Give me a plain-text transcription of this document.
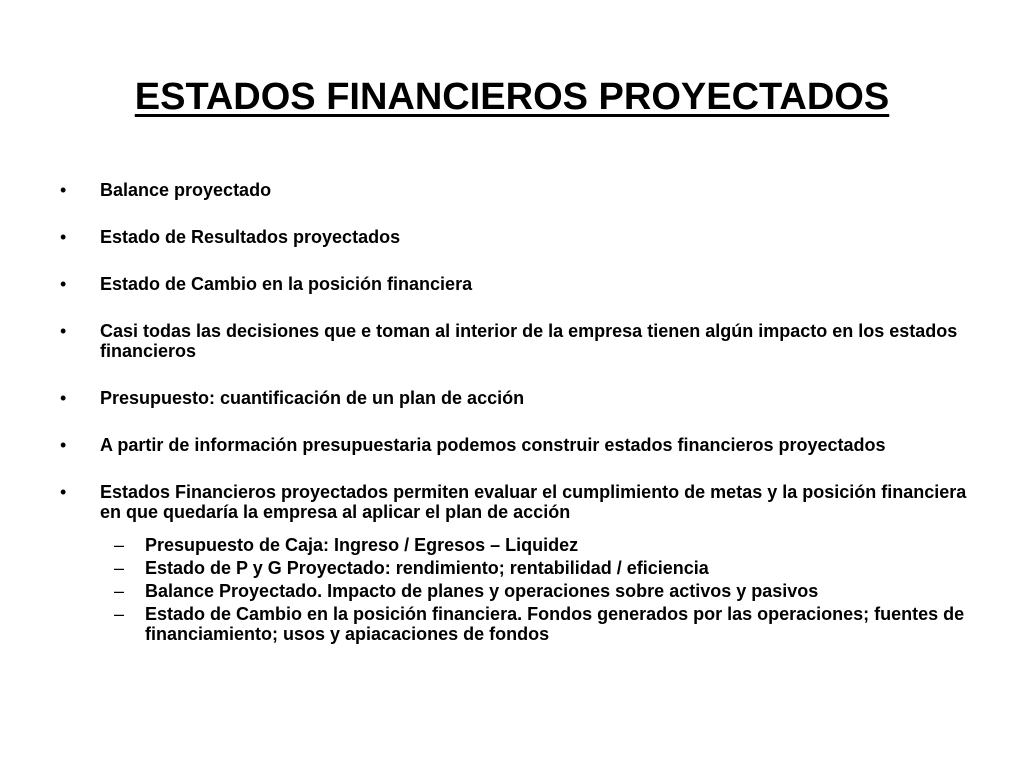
ESTADOS FINANCIEROS PROYECTADOS
• Balance proyectado
• Estado de Resultados proyectados
• Estado de Cambio en la posición financiera
• Casi todas las decisiones que e toman al interior de la empresa tienen algún impacto en los estados financieros
• Presupuesto: cuantificación de un plan de acción
• A partir de información presupuestaria podemos construir estados financieros proyectados
• Estados Financieros proyectados permiten evaluar el cumplimiento de metas y la posición financiera en que quedaría la empresa al aplicar el plan de acción
– Presupuesto de Caja: Ingreso / Egresos – Liquidez
– Estado de P y G Proyectado: rendimiento; rentabilidad / eficiencia
– Balance Proyectado. Impacto de planes y operaciones sobre activos y pasivos
– Estado de Cambio en la posición financiera. Fondos generados por las operaciones; fuentes de financiamiento; usos y apiacaciones de fondos
